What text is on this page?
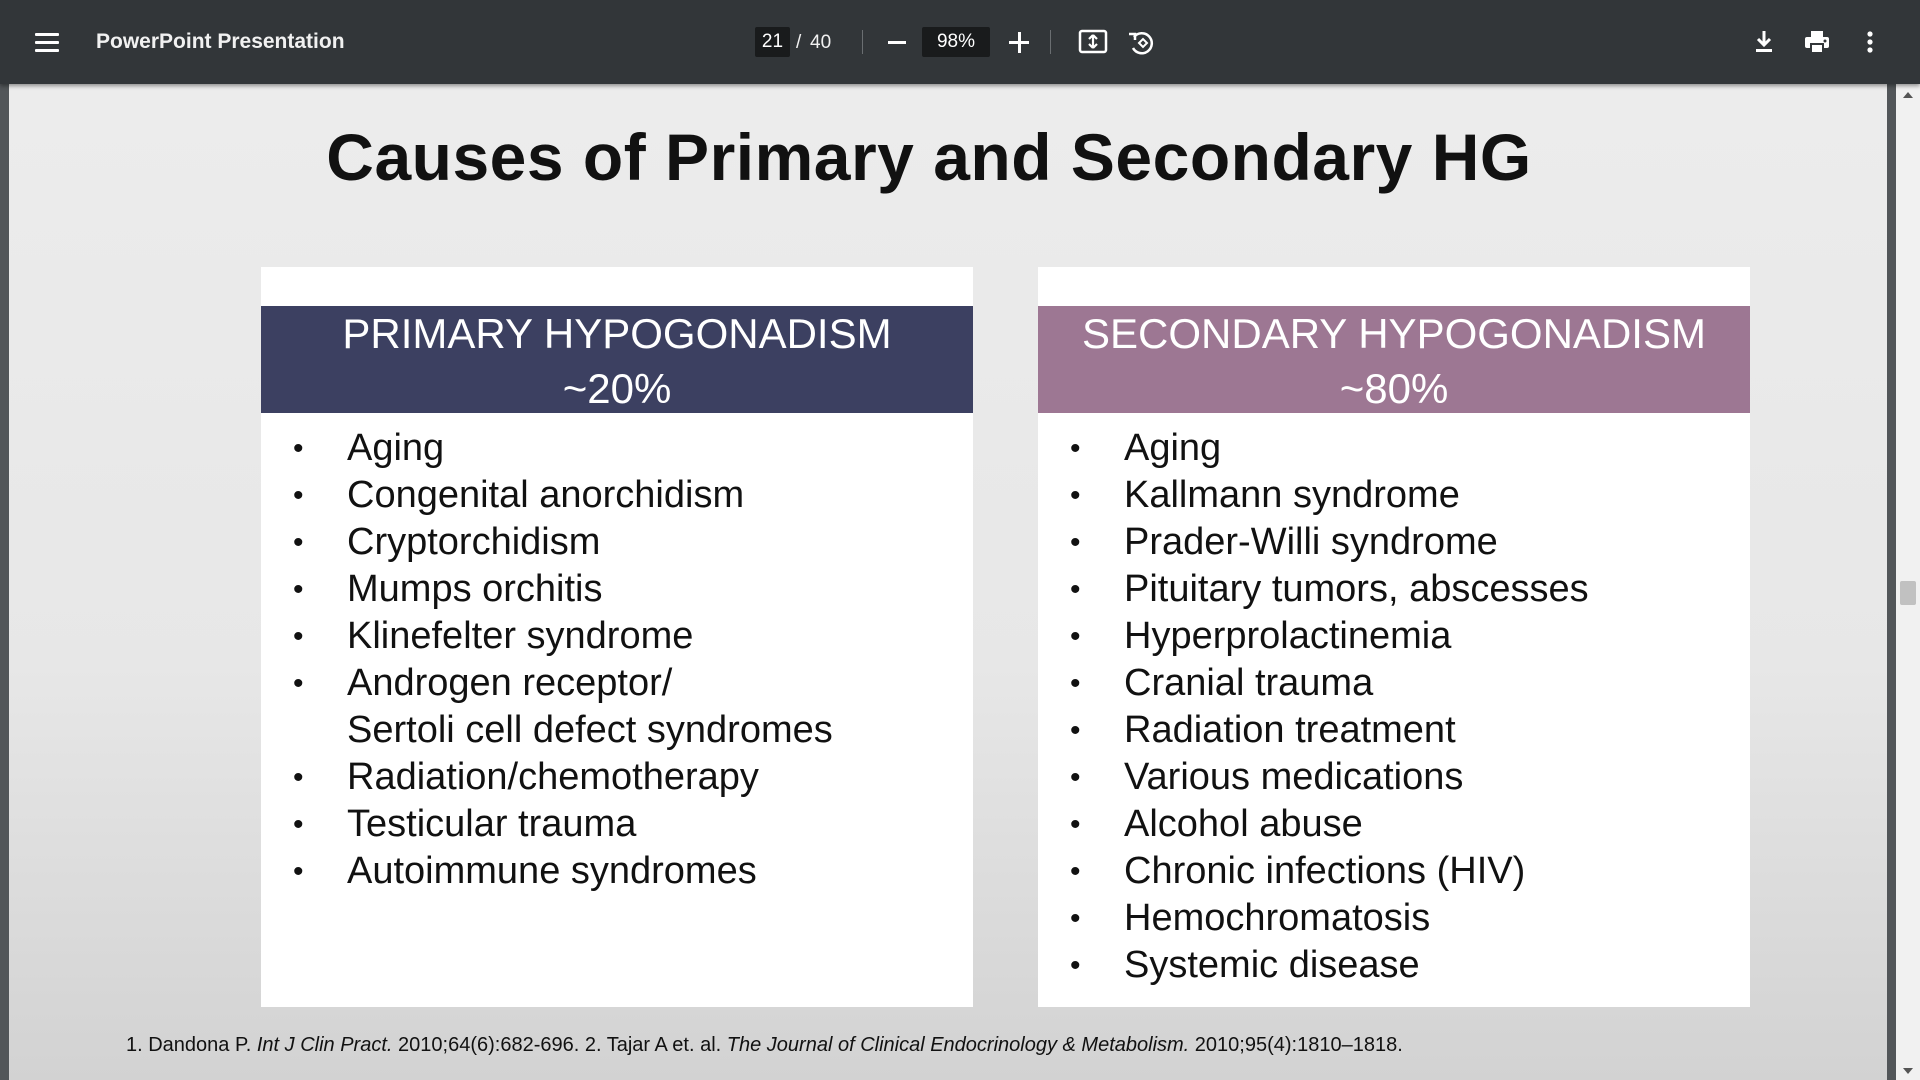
PowerPoint Presentation	21 / 40	98%
Causes of Primary and Secondary HG
PRIMARY HYPOGONADISM
~20%
• Aging
• Congenital anorchidism
• Cryptorchidism
• Mumps orchitis
• Klinefelter syndrome
• Androgen receptor/
Sertoli cell defect syndromes
• Radiation/chemotherapy
• Testicular trauma
• Autoimmune syndromes
SECONDARY HYPOGONADISM
~80%
• Aging
• Kallmann syndrome
• Prader-Willi syndrome
• Pituitary tumors, abscesses
• Hyperprolactinemia
• Cranial trauma
• Radiation treatment
• Various medications
• Alcohol abuse
• Chronic infections (HIV)
• Hemochromatosis
• Systemic disease
1. Dandona P. Int J Clin Pract. 2010;64(6):682-696. 2. Tajar A et. al. The Journal of Clinical Endocrinology & Metabolism. 2010;95(4):1810–1818.
